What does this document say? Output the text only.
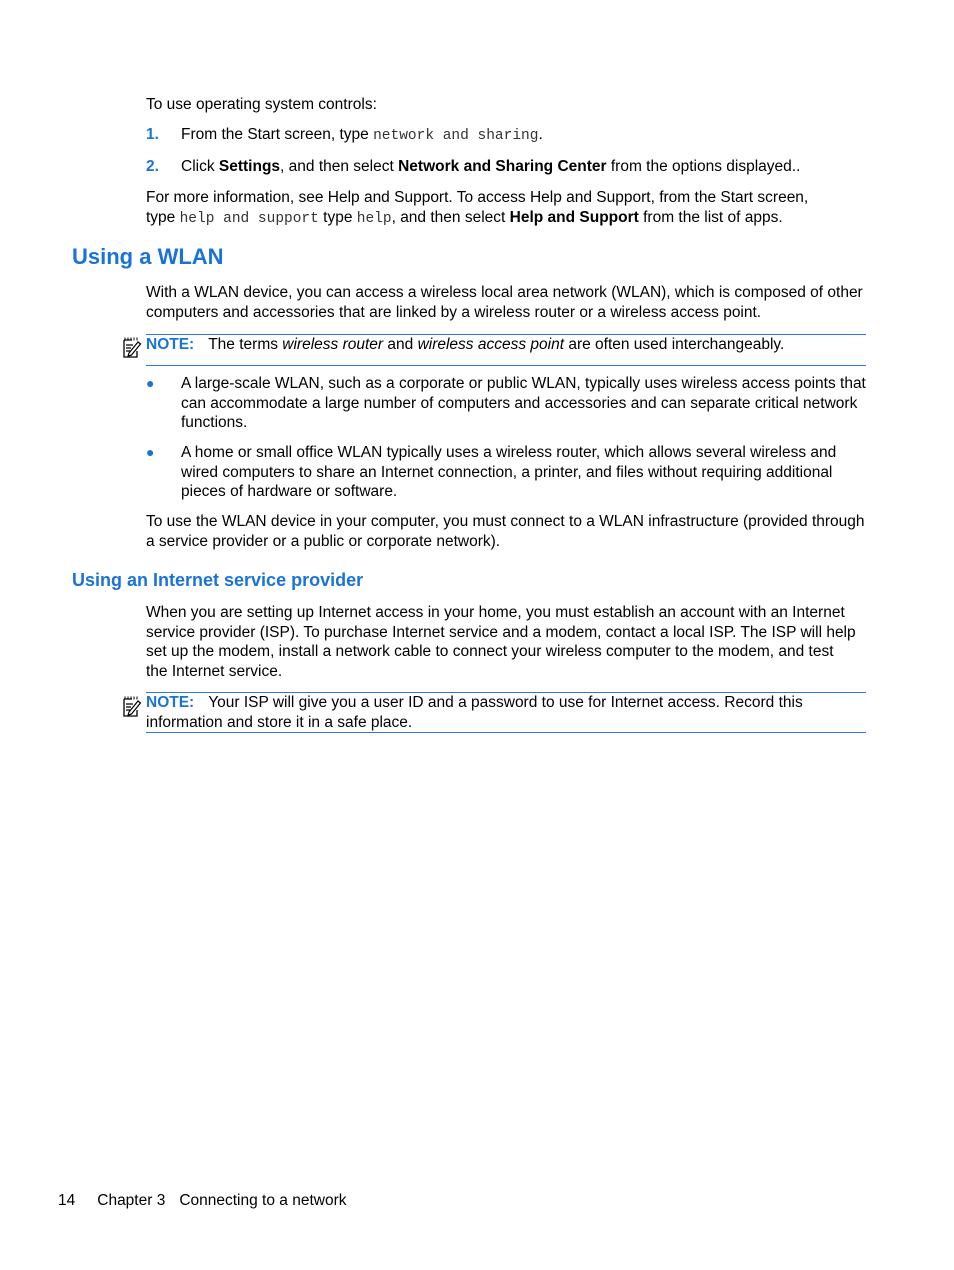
To use operating system controls:
1. From the Start screen, type network and sharing.
2. Click Settings, and then select Network and Sharing Center from the options displayed..
For more information, see Help and Support. To access Help and Support, from the Start screen,
type help and support type help, and then select Help and Support from the list of apps.
Using a WLAN
With a WLAN device, you can access a wireless local area network (WLAN), which is composed of other computers and accessories that are linked by a wireless router or a wireless access point.
NOTE: The terms wireless router and wireless access point are often used interchangeably.
● A large-scale WLAN, such as a corporate or public WLAN, typically uses wireless access points that can accommodate a large number of computers and accessories and can separate critical network functions.
● A home or small office WLAN typically uses a wireless router, which allows several wireless and wired computers to share an Internet connection, a printer, and files without requiring additional pieces of hardware or software.
To use the WLAN device in your computer, you must connect to a WLAN infrastructure (provided through a service provider or a public or corporate network).
Using an Internet service provider
When you are setting up Internet access in your home, you must establish an account with an Internet service provider (ISP). To purchase Internet service and a modem, contact a local ISP. The ISP will help set up the modem, install a network cable to connect your wireless computer to the modem, and test the Internet service.
NOTE: Your ISP will give you a user ID and a password to use for Internet access. Record this information and store it in a safe place.
14 Chapter 3 Connecting to a network
